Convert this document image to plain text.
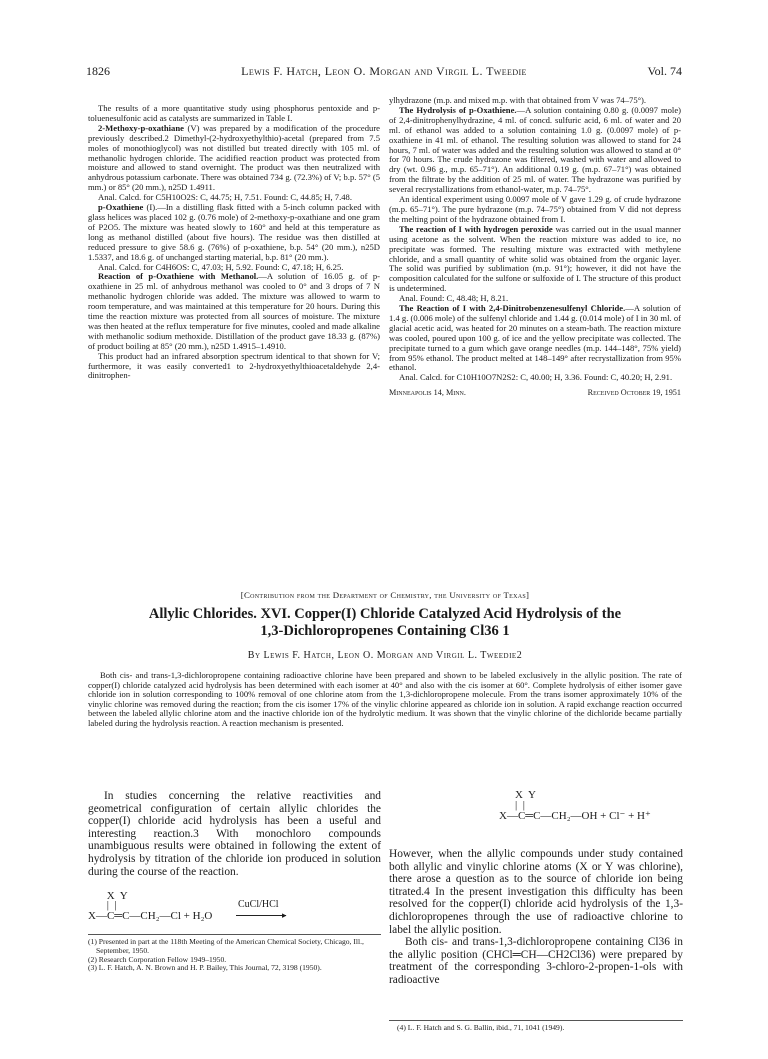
1826	Lewis F. Hatch, Leon O. Morgan and Virgil L. Tweedie	Vol. 74

The results of a more quantitative study using phosphorus pentoxide and p-toluenesulfonic acid as catalysts are summarized in Table I.

2-Methoxy-p-oxathiane (V) was prepared by a modification of the procedure previously described.2 Dimethyl-(2-hydroxyethylthio)-acetal (prepared from 7.5 moles of monothioglycol) was not distilled but treated directly with 105 ml. of methanolic hydrogen chloride. The acidified reaction product was protected from moisture and allowed to stand overnight. The product was then neutralized with anhydrous potassium carbonate. There was obtained 734 g. (72.3%) of V; b.p. 57° (5 mm.) or 85° (20 mm.), n25D 1.4911.

Anal. Calcd. for C5H10O2S: C, 44.75; H, 7.51. Found: C, 44.85; H, 7.48.

p-Oxathiene (I).—In a distilling flask fitted with a 5-inch column packed with glass helices was placed 102 g. (0.76 mole) of 2-methoxy-p-oxathiane and one gram of P2O5. The mixture was heated slowly to 160° and held at this temperature as long as methanol distilled (about five hours). The residue was then distilled at reduced pressure to give 58.6 g. (76%) of p-oxathiene, b.p. 54° (20 mm.), n25D 1.5337, and 18.6 g. of unchanged starting material, b.p. 81° (20 mm.).

Anal. Calcd. for C4H6OS: C, 47.03; H, 5.92. Found: C, 47.18; H, 6.25.

Reaction of p-Oxathiene with Methanol.—A solution of 16.05 g. of p-oxathiene in 25 ml. of anhydrous methanol was cooled to 0° and 3 drops of 7 N methanolic hydrogen chloride was added. The mixture was allowed to warm to room temperature, and was maintained at this temperature for 20 hours. During this time the reaction mixture was protected from all sources of moisture. The mixture was then heated at the reflux temperature for five minutes, cooled and made alkaline with methanolic sodium methoxide. Distillation of the product gave 18.33 g. (87%) of product boiling at 85° (20 mm.), n25D 1.4915–1.4910.

This product had an infrared absorption spectrum identical to that shown for V; furthermore, it was easily converted1 to 2-hydroxyethylthioacetaldehyde 2,4-dinitrophen-

ylhydrazone (m.p. and mixed m.p. with that obtained from V was 74–75°).

The Hydrolysis of p-Oxathiene.—A solution containing 0.80 g. (0.0097 mole) of 2,4-dinitrophenylhydrazine, 4 ml. of concd. sulfuric acid, 6 ml. of water and 20 ml. of ethanol was added to a solution containing 1.0 g. (0.0097 mole) of p-oxathiene in 41 ml. of ethanol. The resulting solution was allowed to stand for 24 hours, 7 ml. of water was added and the resulting solution was allowed to stand at 0° for 70 hours. The crude hydrazone was filtered, washed with water and allowed to dry (wt. 0.96 g., m.p. 65–71°). An additional 0.19 g. (m.p. 67–71°) was obtained from the filtrate by the addition of 25 ml. of water. The hydrazone was purified by several recrystallizations from ethanol-water, m.p. 74–75°.

An identical experiment using 0.0097 mole of V gave 1.29 g. of crude hydrazone (m.p. 65–71°). The pure hydrazone (m.p. 74–75°) obtained from V did not depress the melting point of the hydrazone obtained from I.

The reaction of I with hydrogen peroxide was carried out in the usual manner using acetone as the solvent. When the reaction mixture was added to ice, no precipitate was formed. The resulting mixture was extracted with methylene chloride, and a small quantity of white solid was obtained from the organic layer. The solid was purified by sublimation (m.p. 91°); however, it did not have the composition calculated for the sulfone or sulfoxide of I. The structure of this product is undetermined.

Anal. Found: C, 48.48; H, 8.21.

The Reaction of I with 2,4-Dinitrobenzenesulfenyl Chloride.—A solution of 1.4 g. (0.006 mole) of the sulfenyl chloride and 1.44 g. (0.014 mole) of I in 30 ml. of glacial acetic acid, was heated for 20 minutes on a steam-bath. The reaction mixture was cooled, poured upon 100 g. of ice and the yellow precipitate was collected. The precipitate turned to a gum which gave orange needles (m.p. 144–148°, 75% yield) from 95% ethanol. The product melted at 148–149° after recrystallization from 95% ethanol.

Anal. Calcd. for C10H10O7N2S2: C, 40.00; H, 3.36. Found: C, 40.20; H, 2.91.

Minneapolis 14, Minn.	Received October 19, 1951
[Contribution from the Department of Chemistry, the University of Texas]
Allylic Chlorides. XVI. Copper(I) Chloride Catalyzed Acid Hydrolysis of the
1,3-Dichloropropenes Containing Cl36 1
By Lewis F. Hatch, Leon O. Morgan and Virgil L. Tweedie2

Both cis- and trans-1,3-dichloropropene containing radioactive chlorine have been prepared and shown to be labeled exclusively in the allylic position. The rate of copper(I) chloride catalyzed acid hydrolysis has been determined with each isomer at 40° and also with the cis isomer at 60°. Complete hydrolysis of either isomer gave chloride ion in solution corresponding to 100% removal of one chlorine atom from the 1,3-dichloropropene molecule. From the trans isomer approximately 10% of the vinylic chlorine was removed during the reaction; from the cis isomer 17% of the vinylic chlorine appeared as chloride ion in solution. A rapid exchange reaction occurred between the labeled allylic chlorine atom and the inactive chloride ion of the hydrolytic medium. It was shown that the vinylic chlorine of the dichloride became partially labeled during the hydrolysis reaction. A reaction mechanism is presented.

In studies concerning the relative reactivities and geometrical configuration of certain allylic chlorides the copper(I) chloride acid hydrolysis has been a useful and interesting reaction.3 With monochloro compounds unambiguous results were obtained in following the extent of hydrolysis by titration of the chloride ion produced in solution during the course of the reaction.

X  Y
|  |
X—C═C—CH₂—Cl + H₂O
CuCl/HCl
▸
X  Y
|  |
X—C═C—CH₂—OH + Cl⁻ + H⁺

However, when the allylic compounds under study contained both allylic and vinylic chlorine atoms (X or Y was chlorine), there arose a question as to the source of chloride ion being titrated.4 In the present investigation this difficulty has been resolved for the copper(I) chloride acid hydrolysis of the 1,3-dichloropropenes through the use of radioactive chlorine to label the allylic position.

Both cis- and trans-1,3-dichloropropene containing Cl36 in the allylic position (CHCl═CH—CH2Cl36) were prepared by treatment of the corresponding 3-chloro-2-propen-1-ols with radioactive

(1) Presented in part at the 118th Meeting of the American Chemical Society, Chicago, Ill., September, 1950.

(2) Research Corporation Fellow 1949–1950.

(3) L. F. Hatch, A. N. Brown and H. P. Bailey, This Journal, 72, 3198 (1950).

(4) L. F. Hatch and S. G. Ballin, ibid., 71, 1041 (1949).
